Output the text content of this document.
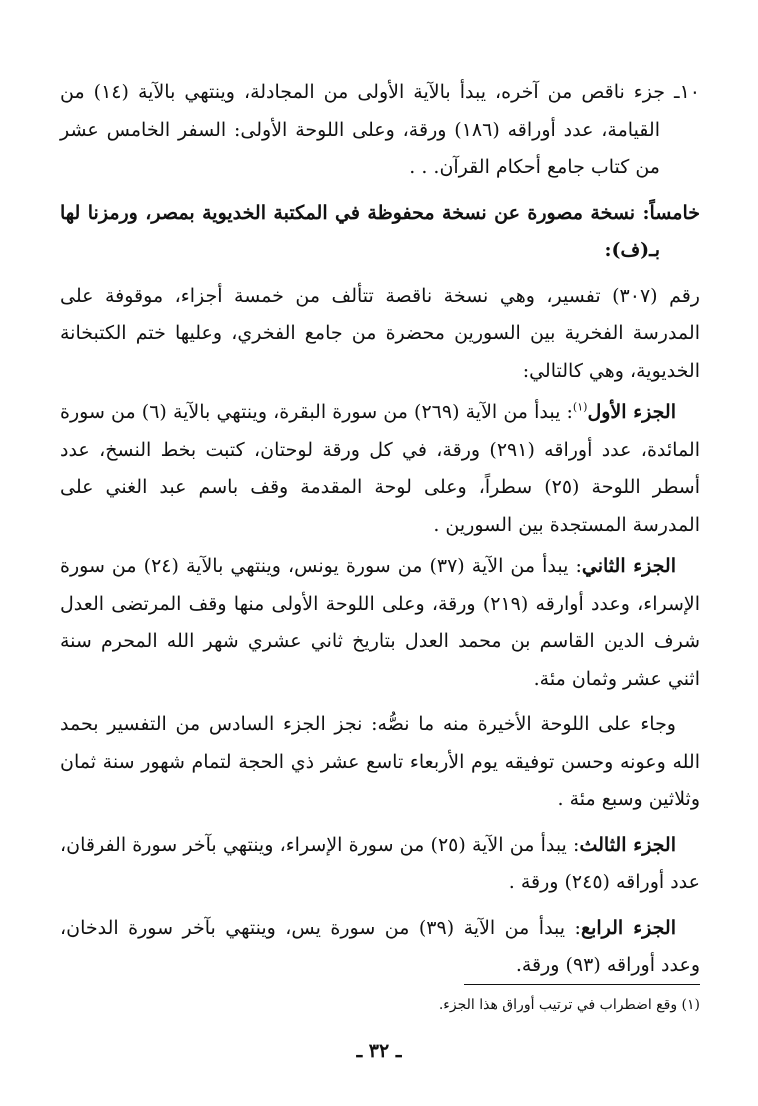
١٠ـ جزء ناقص من آخره، يبدأ بالآية الأولى من المجادلة، وينتهي بالآية (١٤) من القيامة، عدد أوراقه (١٨٦) ورقة، وعلى اللوحة الأولى: السفر الخامس عشر من كتاب جامع أحكام القرآن. . .

خامساً: نسخة مصورة عن نسخة محفوظة في المكتبة الخديوية بمصر، ورمزنا لها بـ(ف):

رقم (٣٠٧) تفسير، وهي نسخة ناقصة تتألف من خمسة أجزاء، موقوفة على المدرسة الفخرية بين السورين محضرة من جامع الفخري، وعليها ختم الكتبخانة الخديوية، وهي كالتالي:

الجزء الأول$^{(١)}$: يبدأ من الآية (٢٦٩) من سورة البقرة، وينتهي بالآية (٦) من سورة المائدة، عدد أوراقه (٢٩١) ورقة، في كل ورقة لوحتان، كتبت بخط النسخ، عدد أسطر اللوحة (٢٥) سطراً، وعلى لوحة المقدمة وقف باسم عبد الغني على المدرسة المستجدة بين السورين .

الجزء الثاني: يبدأ من الآية (٣٧) من سورة يونس، وينتهي بالآية (٢٤) من سورة الإسراء، وعدد أوارقه (٢١٩) ورقة، وعلى اللوحة الأولى منها وقف المرتضى العدل شرف الدين القاسم بن محمد العدل بتاريخ ثاني عشري شهر الله المحرم سنة اثني عشر وثمان مئة.

وجاء على اللوحة الأخيرة منه ما نصُّه: نجز الجزء السادس من التفسير بحمد الله وعونه وحسن توفيقه يوم الأربعاء تاسع عشر ذي الحجة لتمام شهور سنة ثمان وثلاثين وسبع مئة .

الجزء الثالث: يبدأ من الآية (٢٥) من سورة الإسراء، وينتهي بآخر سورة الفرقان، عدد أوراقه (٢٤٥) ورقة .

الجزء الرابع: يبدأ من الآية (٣٩) من سورة يس، وينتهي بآخر سورة الدخان، وعدد أوراقه (٩٣) ورقة.

(١) وقع اضطراب في ترتيب أوراق هذا الجزء.
ـ ٣٢ ـ
